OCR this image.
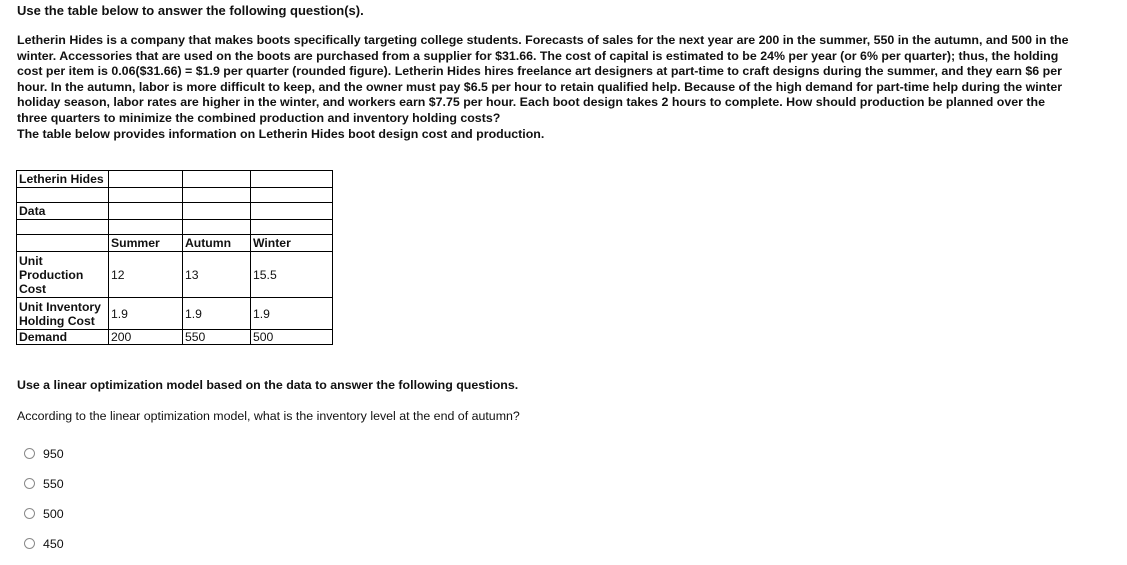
Use the table below to answer the following question(s).

Letherin Hides is a company that makes boots specifically targeting college students. Forecasts of sales for the next year are 200 in the summer, 550 in the autumn, and 500 in the
winter. Accessories that are used on the boots are purchased from a supplier for $31.66. The cost of capital is estimated to be 24% per year (or 6% per quarter); thus, the holding
cost per item is 0.06($31.66) = $1.9 per quarter (rounded figure). Letherin Hides hires freelance art designers at part-time to craft designs during the summer, and they earn $6 per
hour. In the autumn, labor is more difficult to keep, and the owner must pay $6.5 per hour to retain qualified help. Because of the high demand for part-time help during the winter
holiday season, labor rates are higher in the winter, and workers earn $7.75 per hour. Each boot design takes 2 hours to complete. How should production be planned over the
three quarters to minimize the combined production and inventory holding costs?
The table below provides information on Letherin Hides boot design cost and production.
Letherin Hides			

Data			

	Summer	Autumn	Winter
Unit Production Cost	12	13	15.5
Unit Inventory Holding Cost	1.9	1.9	1.9
Demand	200	550	500

Use a linear optimization model based on the data to answer the following questions.

According to the linear optimization model, what is the inventory level at the end of autumn?

950
550
500
450
